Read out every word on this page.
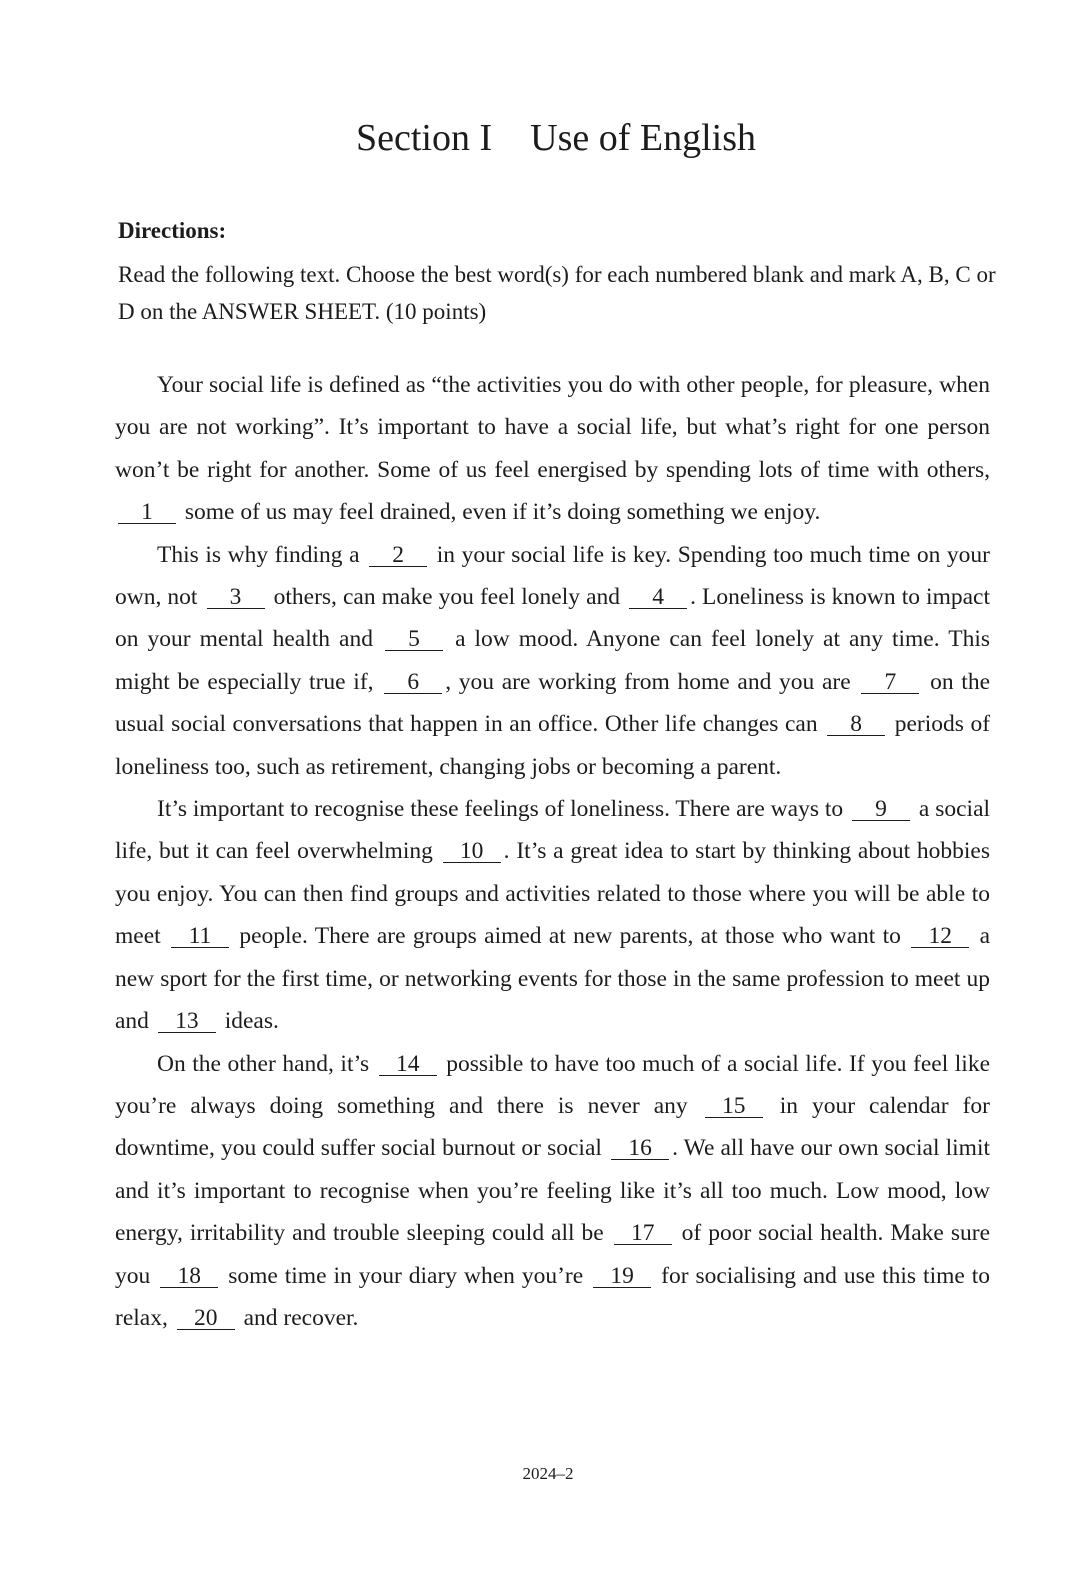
Section I    Use of English
Directions:
Read the following text. Choose the best word(s) for each numbered blank and mark A, B, C or D on the ANSWER SHEET. (10 points)

Your social life is defined as “the activities you do with other people, for pleasure, when you are not working”. It’s important to have a social life, but what’s right for one person won’t be right for another. Some of us feel energised by spending lots of time with others, 1 some of us may feel drained, even if it’s doing something we enjoy.

This is why finding a 2 in your social life is key. Spending too much time on your own, not 3 others, can make you feel lonely and 4 . Loneliness is known to impact on your mental health and 5 a low mood. Anyone can feel lonely at any time. This might be especially true if, 6 , you are working from home and you are 7 on the usual social conversations that happen in an office. Other life changes can 8 periods of loneliness too, such as retirement, changing jobs or becoming a parent.

It’s important to recognise these feelings of loneliness. There are ways to 9 a social life, but it can feel overwhelming 10 . It’s a great idea to start by thinking about hobbies you enjoy. You can then find groups and activities related to those where you will be able to meet 11 people. There are groups aimed at new parents, at those who want to 12 a new sport for the first time, or networking events for those in the same profession to meet up and 13 ideas.

On the other hand, it’s 14 possible to have too much of a social life. If you feel like you’re always doing something and there is never any 15 in your calendar for downtime, you could suffer social burnout or social 16 . We all have our own social limit and it’s important to recognise when you’re feeling like it’s all too much. Low mood, low energy, irritability and trouble sleeping could all be 17 of poor social health. Make sure you 18 some time in your diary when you’re 19 for socialising and use this time to relax, 20 and recover.

2024–2
